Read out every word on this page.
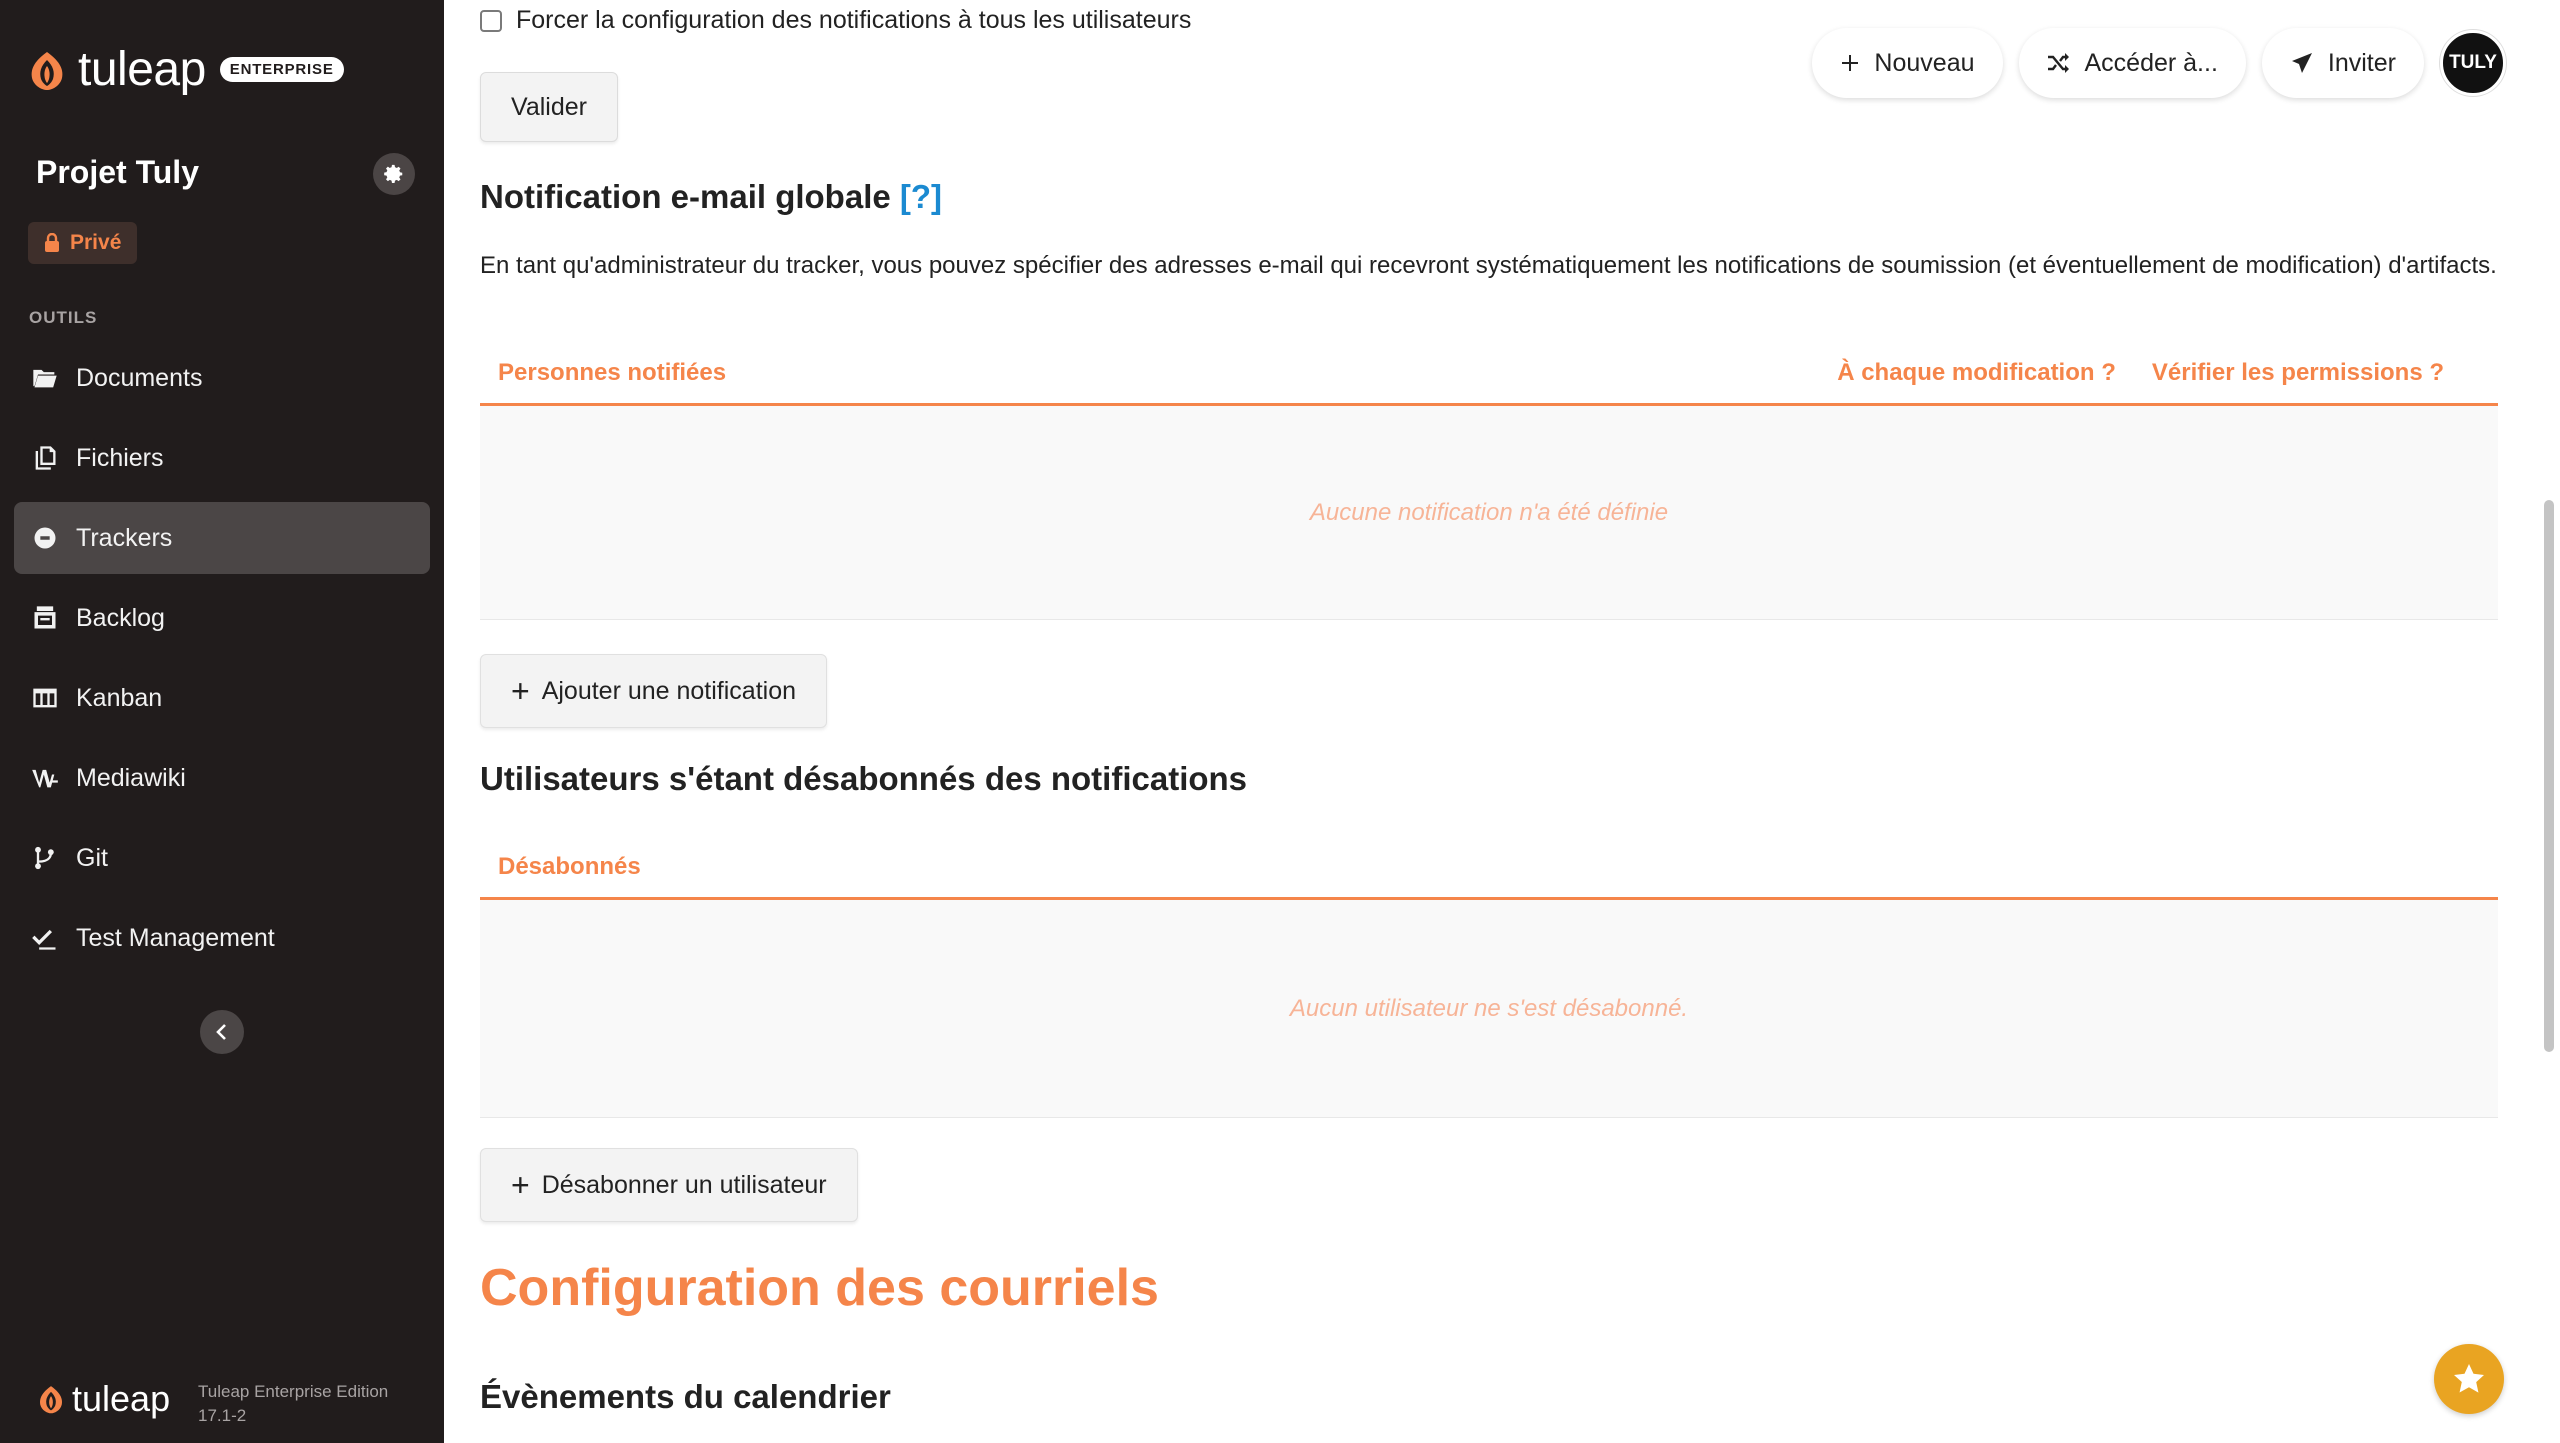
tuleap	ENTERPRISE
Projet Tuly
Privé
OUTILS
Documents
Fichiers
Trackers
Backlog
Kanban
Mediawiki
Git
Test Management
tuleap Tuleap Enterprise Edition
17.1-2
Forcer la configuration des notifications à tous les utilisateurs
Valider
Nouveau	Accéder à...	Inviter	TULY
Notification e-mail globale [?]

En tant qu'administrateur du tracker, vous pouvez spécifier des adresses e-mail qui recevront systématiquement les notifications de soumission (et éventuellement de modification) d'artifacts.

Personnes notifiées	À chaque modification ? Vérifier les permissions ?
Aucune notification n'a été définie
+ Ajouter une notification
Utilisateurs s'étant désabonnés des notifications
Désabonnés
Aucun utilisateur ne s'est désabonné.
+ Désabonner un utilisateur
Configuration des courriels
Évènements du calendrier
